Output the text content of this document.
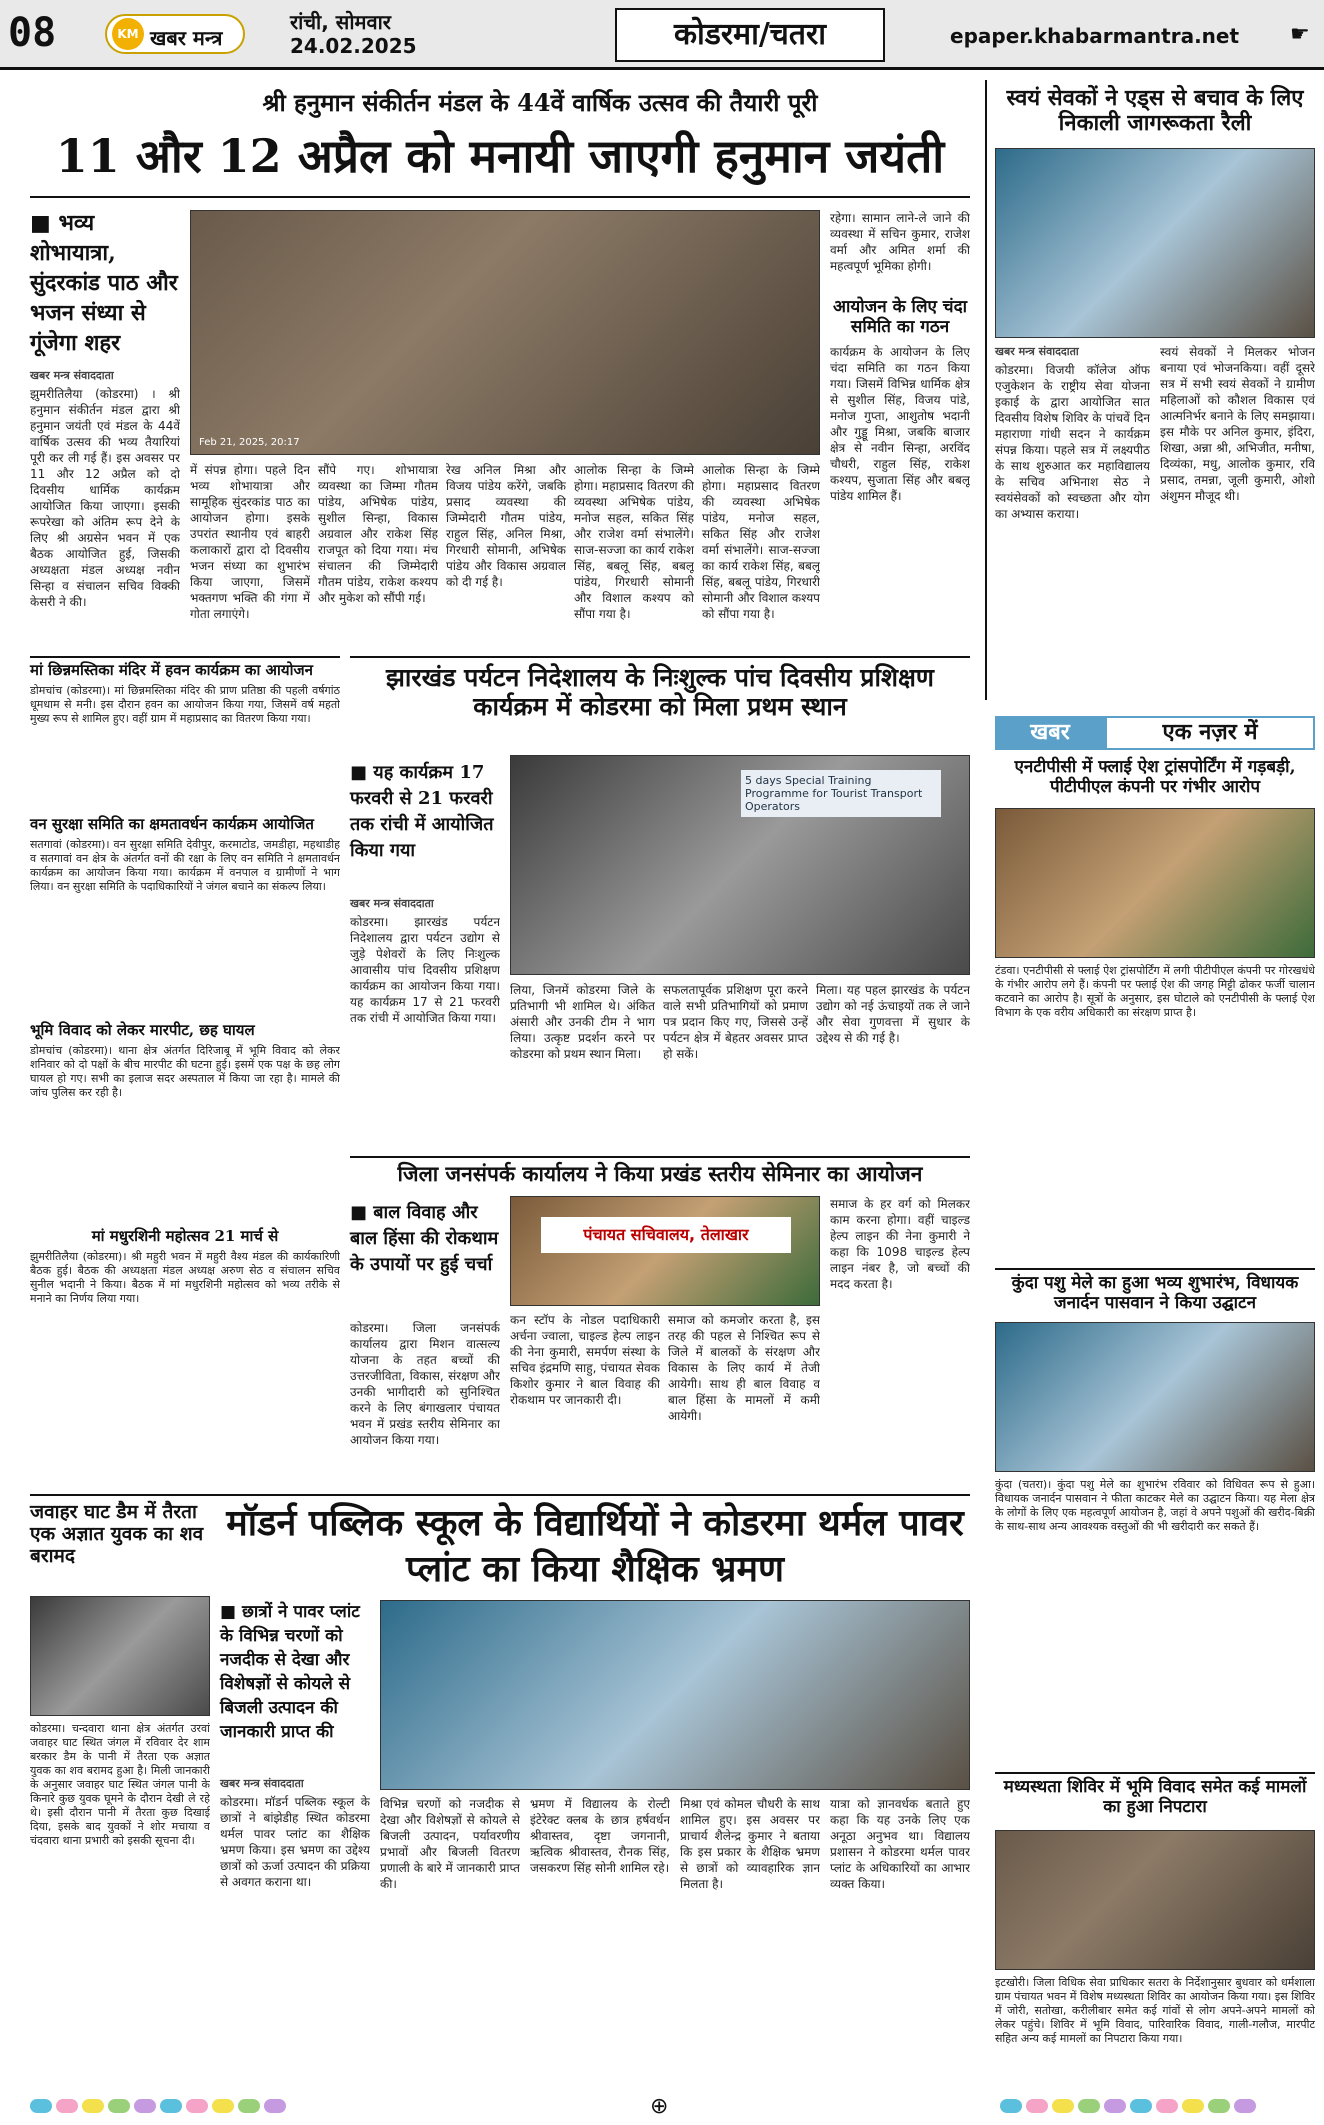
08	KM खबर मन्त्र
रांची, सोमवार
24.02.2025	कोडरमा/चतरा	epaper.khabarmantra.net ☛
श्री हनुमान संकीर्तन मंडल के 44वें वार्षिक उत्सव की तैयारी पूरी
11 और 12 अप्रैल को मनायी जाएगी हनुमान जयंती
■ भव्य शोभायात्रा, सुंदरकांड पाठ और भजन संध्या से गूंजेगा शहर
खबर मन्त्र संवाददाता
झुमरीतिलैया (कोडरमा) । श्री हनुमान संकीर्तन मंडल द्वारा श्री हनुमान जयंती एवं मंडल के 44वें वार्षिक उत्सव की भव्य तैयारियां पूरी कर ली गई हैं। इस अवसर पर 11 और 12 अप्रैल को दो दिवसीय धार्मिक कार्यक्रम आयोजित किया जाएगा। इसकी रूपरेखा को अंतिम रूप देने के लिए श्री अग्रसेन भवन में एक बैठक आयोजित हुई, जिसकी अध्यक्षता मंडल अध्यक्ष नवीन सिन्हा व संचालन सचिव विक्की केसरी ने की।
Feb 21, 2025, 20:17
में संपन्न होगा। पहले दिन भव्य शोभायात्रा और सामूहिक सुंदरकांड पाठ का आयोजन होगा। इसके उपरांत स्थानीय एवं बाहरी कलाकारों द्वारा दो दिवसीय भजन संध्या का शुभारंभ किया जाएगा, जिसमें भक्तगण भक्ति की गंगा में गोता लगाएंगे।
सौंपे गए। शोभायात्रा व्यवस्था का जिम्मा गौतम पांडेय, अभिषेक पांडेय, सुशील सिन्हा, विकास अग्रवाल और राकेश सिंह राजपूत को दिया गया। मंच संचालन की जिम्मेदारी गौतम पांडेय, राकेश कश्यप और मुकेश को सौंपी गई।
रेख अनिल मिश्रा और विजय पांडेय करेंगे, जबकि प्रसाद व्यवस्था की जिम्मेदारी गौतम पांडेय, राहुल सिंह, अनिल मिश्रा, गिरधारी सोमानी, अभिषेक पांडेय और विकास अग्रवाल को दी गई है।
आलोक सिन्हा के जिम्मे होगा। महाप्रसाद वितरण की व्यवस्था अभिषेक पांडेय, मनोज सहल, सकित सिंह और राजेश वर्मा संभालेंगे। साज-सज्जा का कार्य राकेश सिंह, बबलू सिंह, बबलू पांडेय, गिरधारी सोमानी और विशाल कश्यप को सौंपा गया है।
आलोक सिन्हा के जिम्मे होगा। महाप्रसाद वितरण की व्यवस्था अभिषेक पांडेय, मनोज सहल, सकित सिंह और राजेश वर्मा संभालेंगे। साज-सज्जा का कार्य राकेश सिंह, बबलू सिंह, बबलू पांडेय, गिरधारी सोमानी और विशाल कश्यप को सौंपा गया है।
रहेगा। सामान लाने-ले जाने की व्यवस्था में सचिन कुमार, राजेश वर्मा और अमित शर्मा की महत्वपूर्ण भूमिका होगी।
आयोजन के लिए चंदा समिति का गठन
कार्यक्रम के आयोजन के लिए चंदा समिति का गठन किया गया। जिसमें विभिन्न धार्मिक क्षेत्र से सुशील सिंह, विजय पांडे, मनोज गुप्ता, आशुतोष भदानी और गुड्डू मिश्रा, जबकि बाजार क्षेत्र से नवीन सिन्हा, अरविंद चौधरी, राहुल सिंह, राकेश कश्यप, सुजाता सिंह और बबलू पांडेय शामिल हैं।
स्वयं सेवकों ने एड्स से बचाव के लिए निकाली जागरूकता रैली
खबर मन्त्र संवाददाता
कोडरमा। विजयी कॉलेज ऑफ एजुकेशन के राष्ट्रीय सेवा योजना इकाई के द्वारा आयोजित सात दिवसीय विशेष शिविर के पांचवें दिन महाराणा गांधी सदन ने कार्यक्रम संपन्न किया। पहले सत्र में लक्ष्यपीठ के साथ शुरुआत कर महाविद्यालय के सचिव अभिनाश सेठ ने स्वयंसेवकों को स्वच्छता और योग का अभ्यास कराया।
स्वयं सेवकों ने मिलकर भोजन बनाया एवं भोजनकिया। वहीं दूसरे सत्र में सभी स्वयं सेवकों ने ग्रामीण महिलाओं को कौशल विकास एवं आत्मनिर्भर बनाने के लिए समझाया। इस मौके पर अनिल कुमार, इंदिरा, शिखा, अन्ना श्री, अभिजीत, मनीषा, दिव्यंका, मधु, आलोक कुमार, रवि प्रसाद, तमन्ना, जूली कुमारी, ओशो अंशुमन मौजूद थी।
मां छिन्नमस्तिका मंदिर में हवन कार्यक्रम का आयोजन
डोमचांच (कोडरमा)। मां छिन्नमस्तिका मंदिर की प्राण प्रतिष्ठा की पहली वर्षगांठ धूमधाम से मनी। इस दौरान हवन का आयोजन किया गया, जिसमें वर्ष महतो मुख्य रूप से शामिल हुए। वहीं ग्राम में महाप्रसाद का वितरण किया गया।
वन सुरक्षा समिति का क्षमतावर्धन कार्यक्रम आयोजित
सतगावां (कोडरमा)। वन सुरक्षा समिति देवीपुर, करमाटोड, जमडीहा, महथाडीह व सतगावां वन क्षेत्र के अंतर्गत वनों की रक्षा के लिए वन समिति ने क्षमतावर्धन कार्यक्रम का आयोजन किया गया। कार्यक्रम में वनपाल व ग्रामीणों ने भाग लिया। वन सुरक्षा समिति के पदाधिकारियों ने जंगल बचाने का संकल्प लिया।
भूमि विवाद को लेकर मारपीट, छह घायल
डोमचांच (कोडरमा)। थाना क्षेत्र अंतर्गत दिरिजाबू में भूमि विवाद को लेकर शनिवार को दो पक्षों के बीच मारपीट की घटना हुई। इसमें एक पक्ष के छह लोग घायल हो गए। सभी का इलाज सदर अस्पताल में किया जा रहा है। मामले की जांच पुलिस कर रही है।
मां मधुरशिनी महोत्सव 21 मार्च से
झुमरीतिलैया (कोडरमा)। श्री महुरी भवन में महुरी वैश्य मंडल की कार्यकारिणी बैठक हुई। बैठक की अध्यक्षता मंडल अध्यक्ष अरुण सेठ व संचालन सचिव सुनील भदानी ने किया। बैठक में मां मधुरशिनी महोत्सव को भव्य तरीके से मनाने का निर्णय लिया गया।
झारखंड पर्यटन निदेशालय के निःशुल्क पांच दिवसीय प्रशिक्षण कार्यक्रम में कोडरमा को मिला प्रथम स्थान
■ यह कार्यक्रम 17 फरवरी से 21 फरवरी तक रांची में आयोजित किया गया
खबर मन्त्र संवाददाता
कोडरमा। झारखंड पर्यटन निदेशालय द्वारा पर्यटन उद्योग से जुड़े पेशेवरों के लिए निःशुल्क आवासीय पांच दिवसीय प्रशिक्षण कार्यक्रम का आयोजन किया गया। यह कार्यक्रम 17 से 21 फरवरी तक रांची में आयोजित किया गया।
5 days Special Training Programme for Tourist Transport Operators
लिया, जिनमें कोडरमा जिले के प्रतिभागी भी शामिल थे। अंकित अंसारी और उनकी टीम ने भाग लिया। उत्कृष्ट प्रदर्शन करने पर कोडरमा को प्रथम स्थान मिला।
सफलतापूर्वक प्रशिक्षण पूरा करने वाले सभी प्रतिभागियों को प्रमाण पत्र प्रदान किए गए, जिससे उन्हें पर्यटन क्षेत्र में बेहतर अवसर प्राप्त हो सकें।
मिला। यह पहल झारखंड के पर्यटन उद्योग को नई ऊंचाइयों तक ले जाने और सेवा गुणवत्ता में सुधार के उद्देश्य से की गई है।
जिला जनसंपर्क कार्यालय ने किया प्रखंड स्तरीय सेमिनार का आयोजन
■ बाल विवाह और बाल हिंसा की रोकथाम के उपायों पर हुई चर्चा
कोडरमा। जिला जनसंपर्क कार्यालय द्वारा मिशन वात्सल्य योजना के तहत बच्चों की उत्तरजीविता, विकास, संरक्षण और उनकी भागीदारी को सुनिश्चित करने के लिए बंगाखलार पंचायत भवन में प्रखंड स्तरीय सेमिनार का आयोजन किया गया।
पंचायत सचिवालय, तेलाखार
कन स्टॉप के नोडल पदाधिकारी अर्चना ज्वाला, चाइल्ड हेल्प लाइन की नेना कुमारी, समर्पण संस्था के सचिव इंद्रमणि साहु, पंचायत सेवक किशोर कुमार ने बाल विवाह की रोकथाम पर जानकारी दी।
समाज को कमजोर करता है, इस तरह की पहल से निश्चित रूप से जिले में बालकों के संरक्षण और विकास के लिए कार्य में तेजी आयेगी। साथ ही बाल विवाह व बाल हिंसा के मामलों में कमी आयेगी।
समाज के हर वर्ग को मिलकर काम करना होगा। वहीं चाइल्ड हेल्प लाइन की नेना कुमारी ने कहा कि 1098 चाइल्ड हेल्प लाइन नंबर है, जो बच्चों की मदद करता है।
खबर	एक नज़र में
एनटीपीसी में फ्लाई ऐश ट्रांसपोर्टिंग में गड़बड़ी, पीटीपीएल कंपनी पर गंभीर आरोप
टंडवा। एनटीपीसी से फ्लाई ऐश ट्रांसपोर्टिंग में लगी पीटीपीएल कंपनी पर गोरखधंधे के गंभीर आरोप लगे हैं। कंपनी पर फ्लाई ऐश की जगह मिट्टी ढोकर फर्जी चालान कटवाने का आरोप है। सूत्रों के अनुसार, इस घोटाले को एनटीपीसी के फ्लाई ऐश विभाग के एक वरीय अधिकारी का संरक्षण प्राप्त है।
कुंदा पशु मेले का हुआ भव्य शुभारंभ, विधायक जनार्दन पासवान ने किया उद्घाटन
कुंदा (चतरा)। कुंदा पशु मेले का शुभारंभ रविवार को विधिवत रूप से हुआ। विधायक जनार्दन पासवान ने फीता काटकर मेले का उद्घाटन किया। यह मेला क्षेत्र के लोगों के लिए एक महत्वपूर्ण आयोजन है, जहां वे अपने पशुओं की खरीद-बिक्री के साथ-साथ अन्य आवश्यक वस्तुओं की भी खरीदारी कर सकते हैं।
मध्यस्थता शिविर में भूमि विवाद समेत कई मामलों का हुआ निपटारा
इटखोरी। जिला विधिक सेवा प्राधिकार सतरा के निर्देशानुसार बुधवार को धर्मशाला ग्राम पंचायत भवन में विशेष मध्यस्थता शिविर का आयोजन किया गया। इस शिविर में जोरी, सतोखा, करीलीबार समेत कई गांवों से लोग अपने-अपने मामलों को लेकर पहुंचे। शिविर में भूमि विवाद, पारिवारिक विवाद, गाली-गलौज, मारपीट सहित अन्य कई मामलों का निपटारा किया गया।
जवाहर घाट डैम में तैरता एक अज्ञात युवक का शव बरामद
कोडरमा। चन्दवारा थाना क्षेत्र अंतर्गत उरवां जवाहर घाट स्थित जंगल में रविवार देर शाम बरकार डैम के पानी में तैरता एक अज्ञात युवक का शव बरामद हुआ है। मिली जानकारी के अनुसार जवाहर घाट स्थित जंगल पानी के किनारे कुछ युवक घूमने के दौरान देखी ले रहे थे। इसी दौरान पानी में तैरता कुछ दिखाई दिया, इसके बाद युवकों ने शोर मचाया व चंदवारा थाना प्रभारी को इसकी सूचना दी।
मॉडर्न पब्लिक स्कूल के विद्यार्थियों ने कोडरमा थर्मल पावर प्लांट का किया शैक्षिक भ्रमण
■ छात्रों ने पावर प्लांट के विभिन्न चरणों को नजदीक से देखा और विशेषज्ञों से कोयले से बिजली उत्पादन की जानकारी प्राप्त की
खबर मन्त्र संवाददाता
कोडरमा। मॉडर्न पब्लिक स्कूल के छात्रों ने बांझेडीह स्थित कोडरमा थर्मल पावर प्लांट का शैक्षिक भ्रमण किया। इस भ्रमण का उद्देश्य छात्रों को ऊर्जा उत्पादन की प्रक्रिया से अवगत कराना था।
विभिन्न चरणों को नजदीक से देखा और विशेषज्ञों से कोयले से बिजली उत्पादन, पर्यावरणीय प्रभावों और बिजली वितरण प्रणाली के बारे में जानकारी प्राप्त की।
भ्रमण में विद्यालय के रोल्टी इंटेरेक्ट क्लब के छात्र हर्षवर्धन श्रीवास्तव, दृष्टा जगनानी, ऋत्विक श्रीवास्तव, रौनक सिंह, जसकरण सिंह सोनी शामिल रहे।
मिश्रा एवं कोमल चौधरी के साथ शामिल हुए। इस अवसर पर प्राचार्य शैलेन्द्र कुमार ने बताया कि इस प्रकार के शैक्षिक भ्रमण से छात्रों को व्यावहारिक ज्ञान मिलता है।
यात्रा को ज्ञानवर्धक बताते हुए कहा कि यह उनके लिए एक अनूठा अनुभव था। विद्यालय प्रशासन ने कोडरमा थर्मल पावर प्लांट के अधिकारियों का आभार व्यक्त किया।
⊕
